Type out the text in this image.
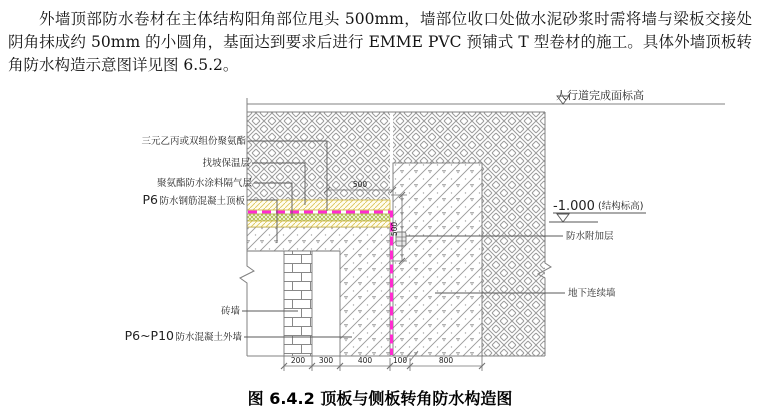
外墙顶部防水卷材在主体结构阳角部位甩头 500mm，墙部位收口处做水泥砂浆时需将墙与梁板交接处阴角抹成约 50mm 的小圆角，基面达到要求后进行 EMME PVC 预铺式 T 型卷材的施工。具体外墙顶板转角防水构造示意图详见图 6.5.2。

500
500
200 300	400	100	800
三元乙丙或双组份聚氨酯
找坡保温层
聚氨酯防水涂料隔气层
P6 防水钢筋混凝土顶板
砖墙
P6~P10 防水混凝土外墙
人行道完成面标高
-1.000 (结构标高)
防水附加层
地下连续墙
图 6.4.2 顶板与侧板转角防水构造图
